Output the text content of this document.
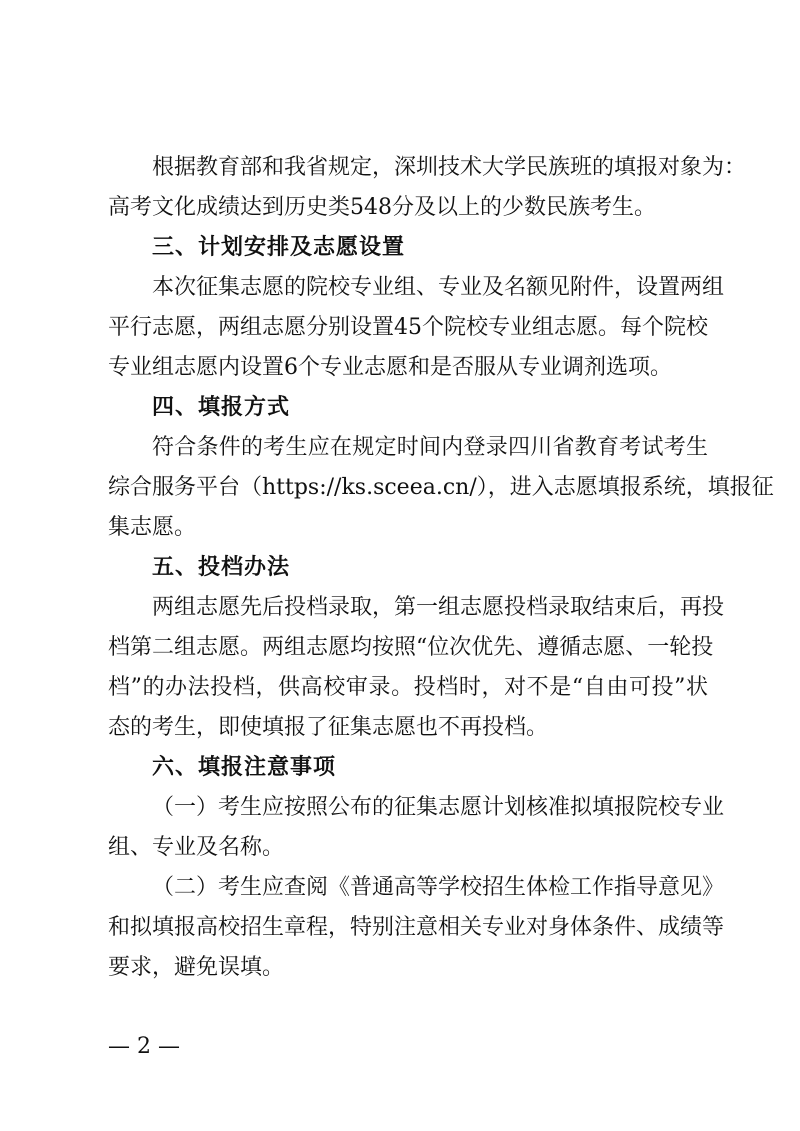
根据教育部和我省规定，深圳技术大学民族班的填报对象为：
高考文化成绩达到历史类548分及以上的少数民族考生。
三、计划安排及志愿设置
本次征集志愿的院校专业组、专业及名额见附件，设置两组
平行志愿，两组志愿分别设置45个院校专业组志愿。每个院校
专业组志愿内设置6个专业志愿和是否服从专业调剂选项。
四、填报方式
符合条件的考生应在规定时间内登录四川省教育考试考生
综合服务平台（https://ks.sceea.cn/），进入志愿填报系统，填报征
集志愿。
五、投档办法
两组志愿先后投档录取，第一组志愿投档录取结束后，再投
档第二组志愿。两组志愿均按照“位次优先、遵循志愿、一轮投
档”的办法投档，供高校审录。投档时，对不是“自由可投”状
态的考生，即使填报了征集志愿也不再投档。
六、填报注意事项
（一）考生应按照公布的征集志愿计划核准拟填报院校专业
组、专业及名称。
（二）考生应查阅《普通高等学校招生体检工作指导意见》
和拟填报高校招生章程，特别注意相关专业对身体条件、成绩等
要求，避免误填。
— 2 —
